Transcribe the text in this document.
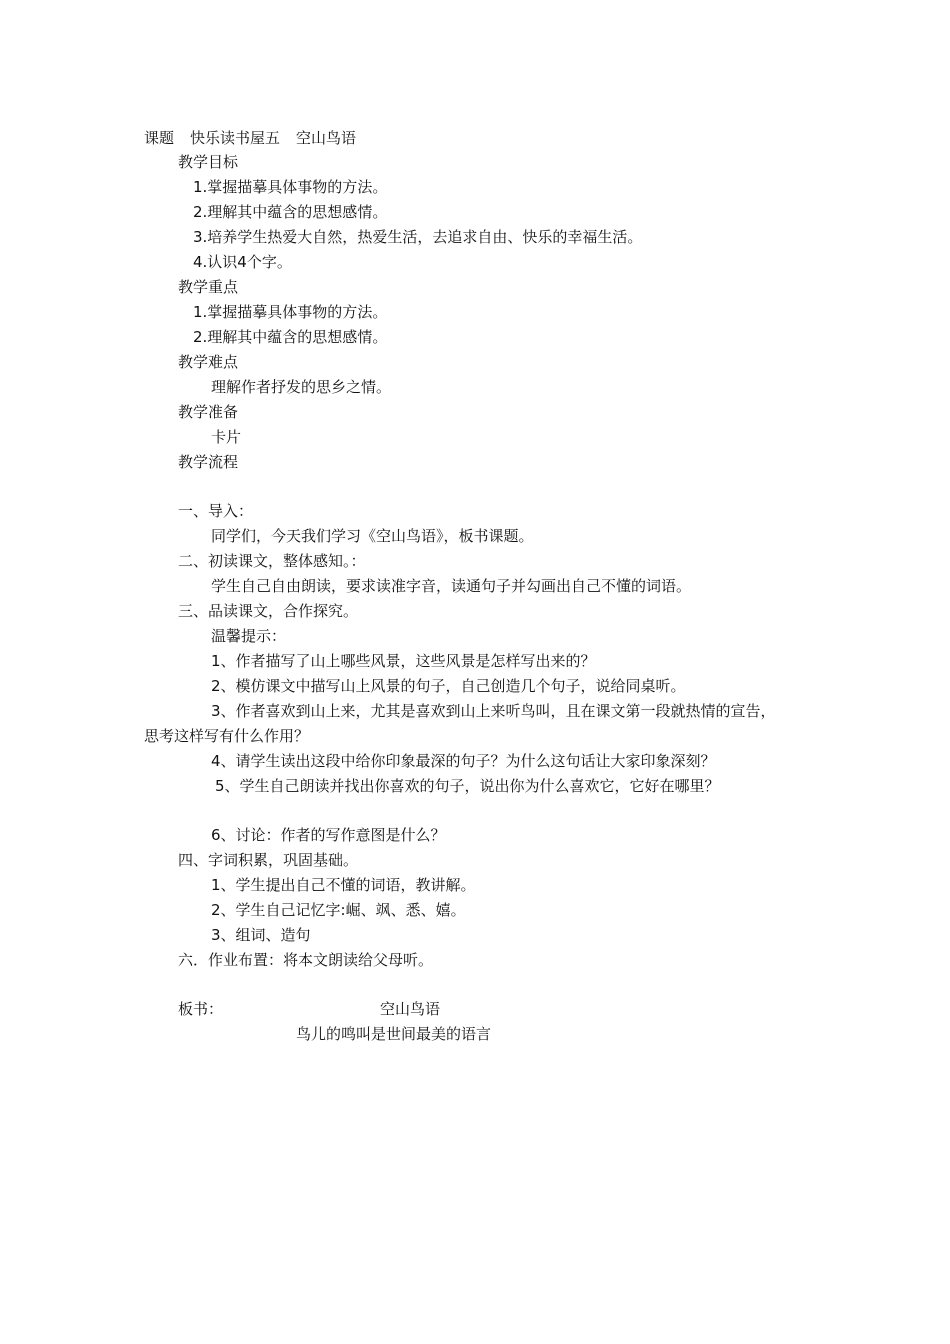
课题 快乐读书屋五 空山鸟语
教学目标
1.掌握描摹具体事物的方法。
2.理解其中蕴含的思想感情。
3.培养学生热爱大自然，热爱生活，去追求自由、快乐的幸福生活。
4.认识4个字。
教学重点
1.掌握描摹具体事物的方法。
2.理解其中蕴含的思想感情。
教学难点
理解作者抒发的思乡之情。
教学准备
卡片
教学流程
一、导入：
同学们，今天我们学习《空山鸟语》，板书课题。
二、初读课文，整体感知。：
学生自己自由朗读，要求读准字音，读通句子并勾画出自己不懂的词语。
三、品读课文，合作探究。
温馨提示：
1、作者描写了山上哪些风景，这些风景是怎样写出来的？
2、模仿课文中描写山上风景的句子，自己创造几个句子，说给同桌听。
3、作者喜欢到山上来，尤其是喜欢到山上来听鸟叫，且在课文第一段就热情的宣告，
思考这样写有什么作用？
4、请学生读出这段中给你印象最深的句子？为什么这句话让大家印象深刻？
5、学生自己朗读并找出你喜欢的句子，说出你为什么喜欢它，它好在哪里？
6、讨论：作者的写作意图是什么？
四、字词积累，巩固基础。
1、学生提出自己不懂的词语，教讲解。
2、学生自己记忆字:崛、飒、悉、嬉。
3、组词、造句
六．作业布置：将本文朗读给父母听。
板书：	空山鸟语
鸟儿的鸣叫是世间最美的语言
